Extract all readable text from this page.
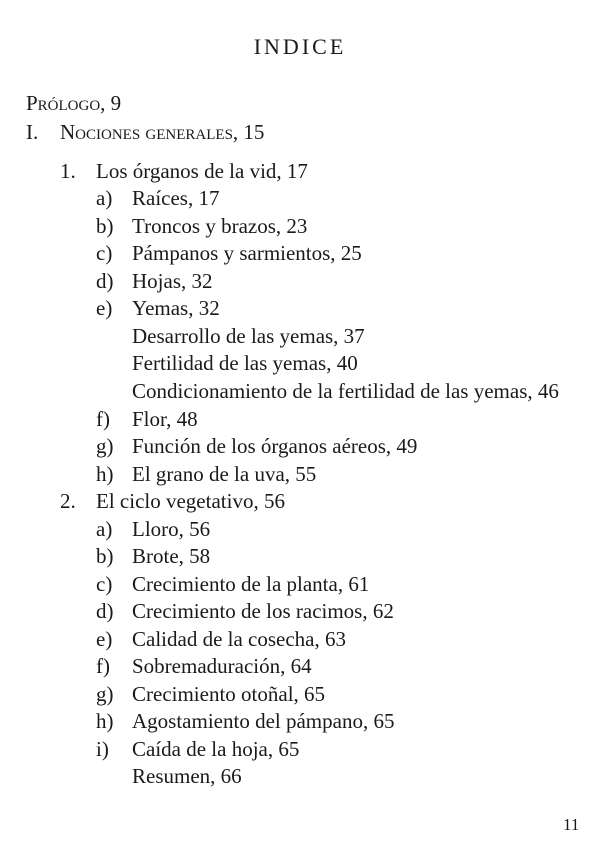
INDICE
Prólogo, 9
I. Nociones generales, 15
1. Los órganos de la vid, 17
a) Raíces, 17
b) Troncos y brazos, 23
c) Pámpanos y sarmientos, 25
d) Hojas, 32
e) Yemas, 32
Desarrollo de las yemas, 37
Fertilidad de las yemas, 40
Condicionamiento de la fertilidad de las yemas, 46
f) Flor, 48
g) Función de los órganos aéreos, 49
h) El grano de la uva, 55
2. El ciclo vegetativo, 56
a) Lloro, 56
b) Brote, 58
c) Crecimiento de la planta, 61
d) Crecimiento de los racimos, 62
e) Calidad de la cosecha, 63
f) Sobremaduración, 64
g) Crecimiento otoñal, 65
h) Agostamiento del pámpano, 65
i) Caída de la hoja, 65
Resumen, 66
11
